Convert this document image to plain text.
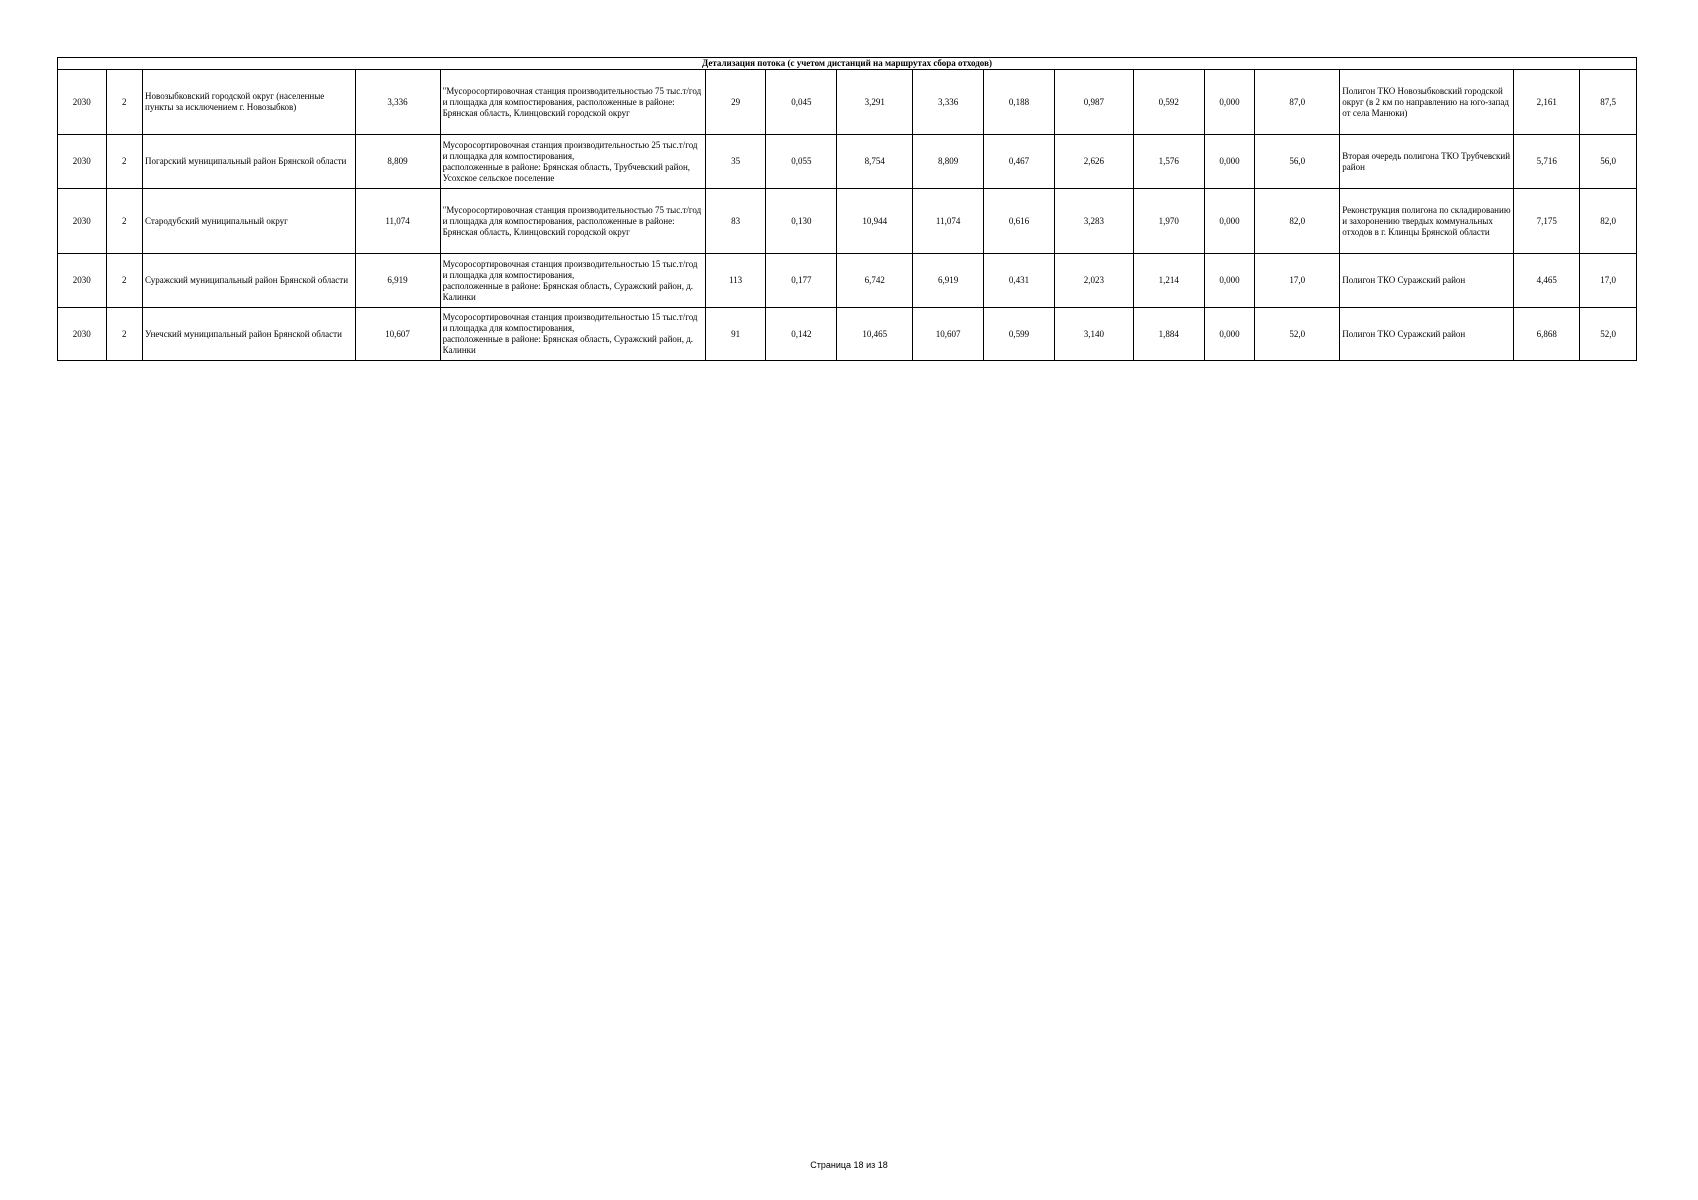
Детализация потока (с учетом дистанций на маршрутах сбора отходов)																
2030	2	Новозыбковский городской округ (населенные пункты за исключением г. Новозыбков)	3,336	"Мусоросортировочная станция производительностью 75 тыс.т/год
и площадка для компостирования, расположенные в районе:
Брянская область, Клинцовский городской округ	29	0,045	3,291	3,336	0,188	0,987	0,592	0,000	87,0	Полигон ТКО Новозыбковский городской округ (в 2 км по направлению на юго-запад от села Манюки)	2,161	87,5
2030	2	Погарский муниципальный район Брянской области	8,809	Мусоросортировочная станция производительностью 25 тыс.т/год и площадка для компостирования,
расположенные в районе: Брянская область, Трубчевский район, Усохское сельское поселение	35	0,055	8,754	8,809	0,467	2,626	1,576	0,000	56,0	Вторая очередь полигона ТКО Трубчевский район	5,716	56,0
2030	2	Стародубский муниципальный округ	11,074	"Мусоросортировочная станция производительностью 75 тыс.т/год
и площадка для компостирования, расположенные в районе:
Брянская область, Клинцовский городской округ	83	0,130	10,944	11,074	0,616	3,283	1,970	0,000	82,0	Реконструкция полигона по складированию и захоронению твердых коммунальных отходов в г. Клинцы Брянской области	7,175	82,0
2030	2	Суражский муниципальный район Брянской области	6,919	Мусоросортировочная станция производительностью 15 тыс.т/год и площадка для компостирования,
расположенные в районе: Брянская область, Суражский район, д. Калинки	113	0,177	6,742	6,919	0,431	2,023	1,214	0,000	17,0	Полигон ТКО Суражский район	4,465	17,0
2030	2	Унечский муниципальный район Брянской области	10,607	Мусоросортировочная станция производительностью 15 тыс.т/год и площадка для компостирования,
расположенные в районе: Брянская область, Суражский район, д. Калинки	91	0,142	10,465	10,607	0,599	3,140	1,884	0,000	52,0	Полигон ТКО Суражский район	6,868	52,0
Страница 18 из 18
